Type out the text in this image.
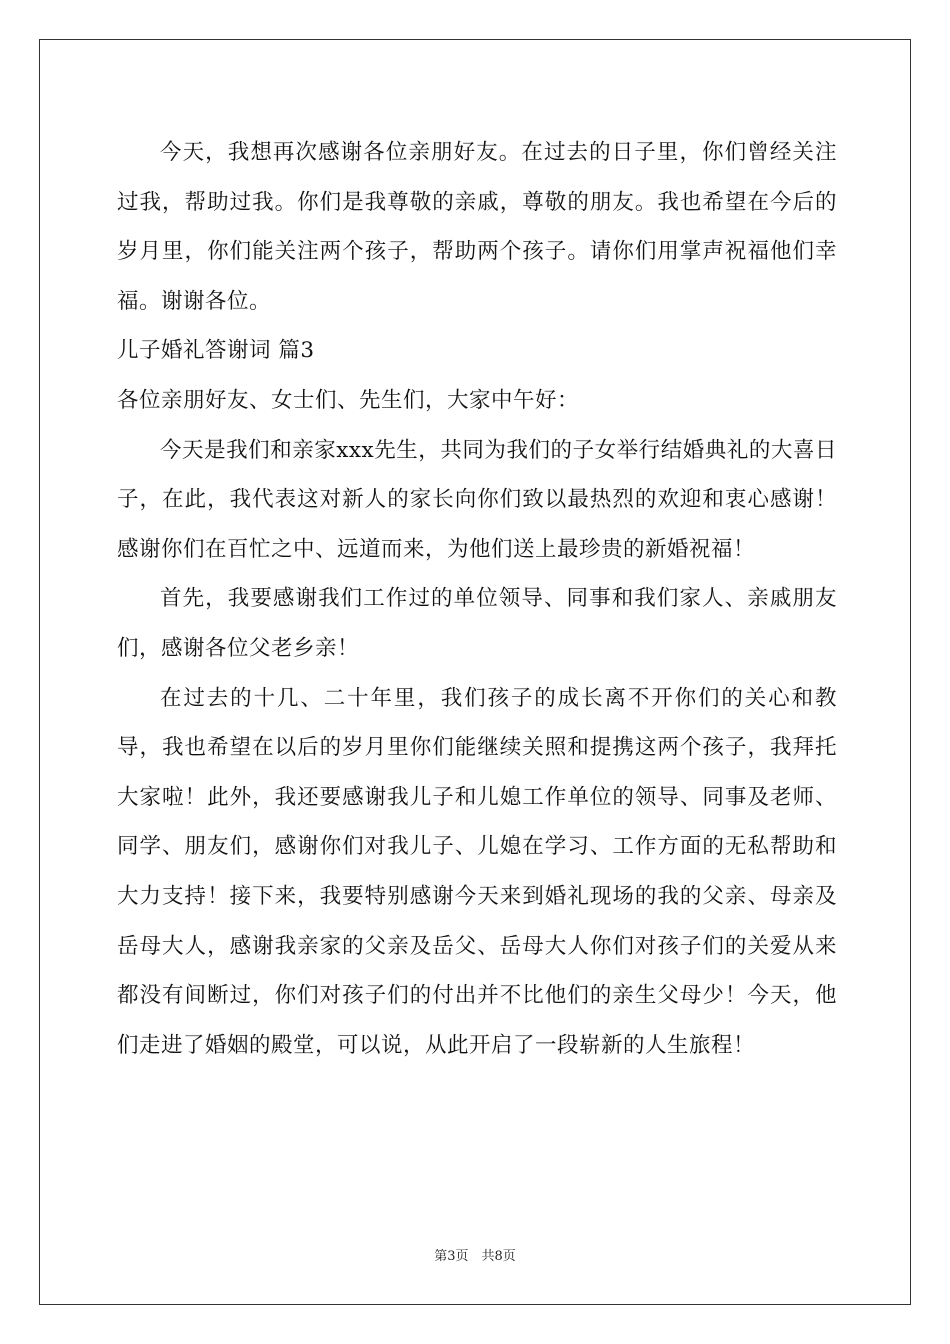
今天，我想再次感谢各位亲朋好友。在过去的日子里，你们曾经关注过我，帮助过我。你们是我尊敬的亲戚，尊敬的朋友。我也希望在今后的岁月里，你们能关注两个孩子，帮助两个孩子。请你们用掌声祝福他们幸福。谢谢各位。

儿子婚礼答谢词 篇3

各位亲朋好友、女士们、先生们，大家中午好：

今天是我们和亲家xxx先生，共同为我们的子女举行结婚典礼的大喜日子，在此，我代表这对新人的家长向你们致以最热烈的欢迎和衷心感谢！感谢你们在百忙之中、远道而来，为他们送上最珍贵的新婚祝福！

首先，我要感谢我们工作过的单位领导、同事和我们家人、亲戚朋友们，感谢各位父老乡亲！

在过去的十几、二十年里，我们孩子的成长离不开你们的关心和教导，我也希望在以后的岁月里你们能继续关照和提携这两个孩子，我拜托大家啦！此外，我还要感谢我儿子和儿媳工作单位的领导、同事及老师、同学、朋友们，感谢你们对我儿子、儿媳在学习、工作方面的无私帮助和大力支持！接下来，我要特别感谢今天来到婚礼现场的我的父亲、母亲及岳母大人，感谢我亲家的父亲及岳父、岳母大人你们对孩子们的关爱从来都没有间断过，你们对孩子们的付出并不比他们的亲生父母少！今天，他们走进了婚姻的殿堂，可以说，从此开启了一段崭新的人生旅程！

第3页　共8页
